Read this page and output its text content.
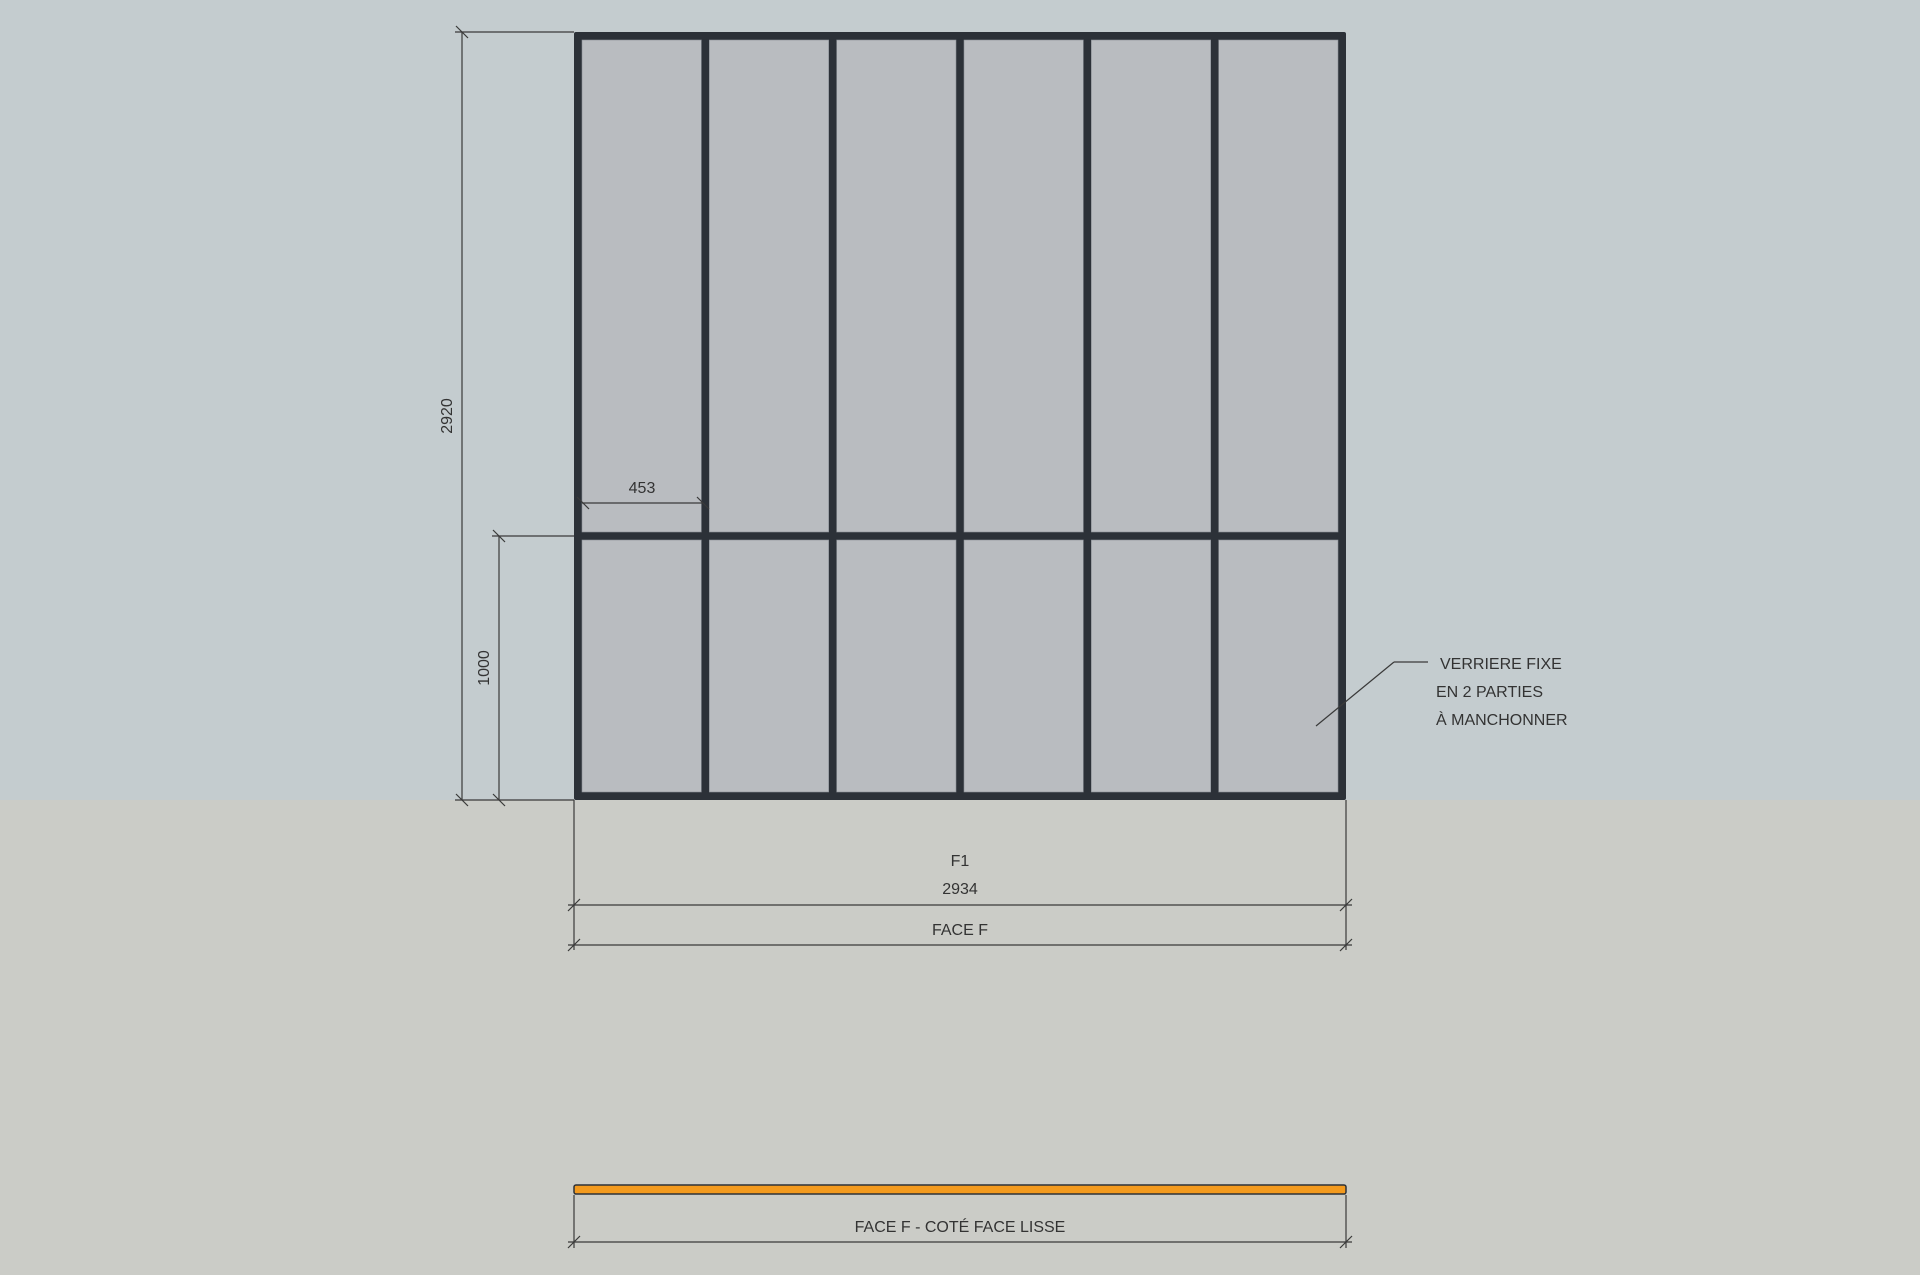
2920
1000
453
F1
2934
FACE F
VERRIERE FIXE
EN 2 PARTIES
À MANCHONNER
FACE F - COTÉ FACE LISSE
